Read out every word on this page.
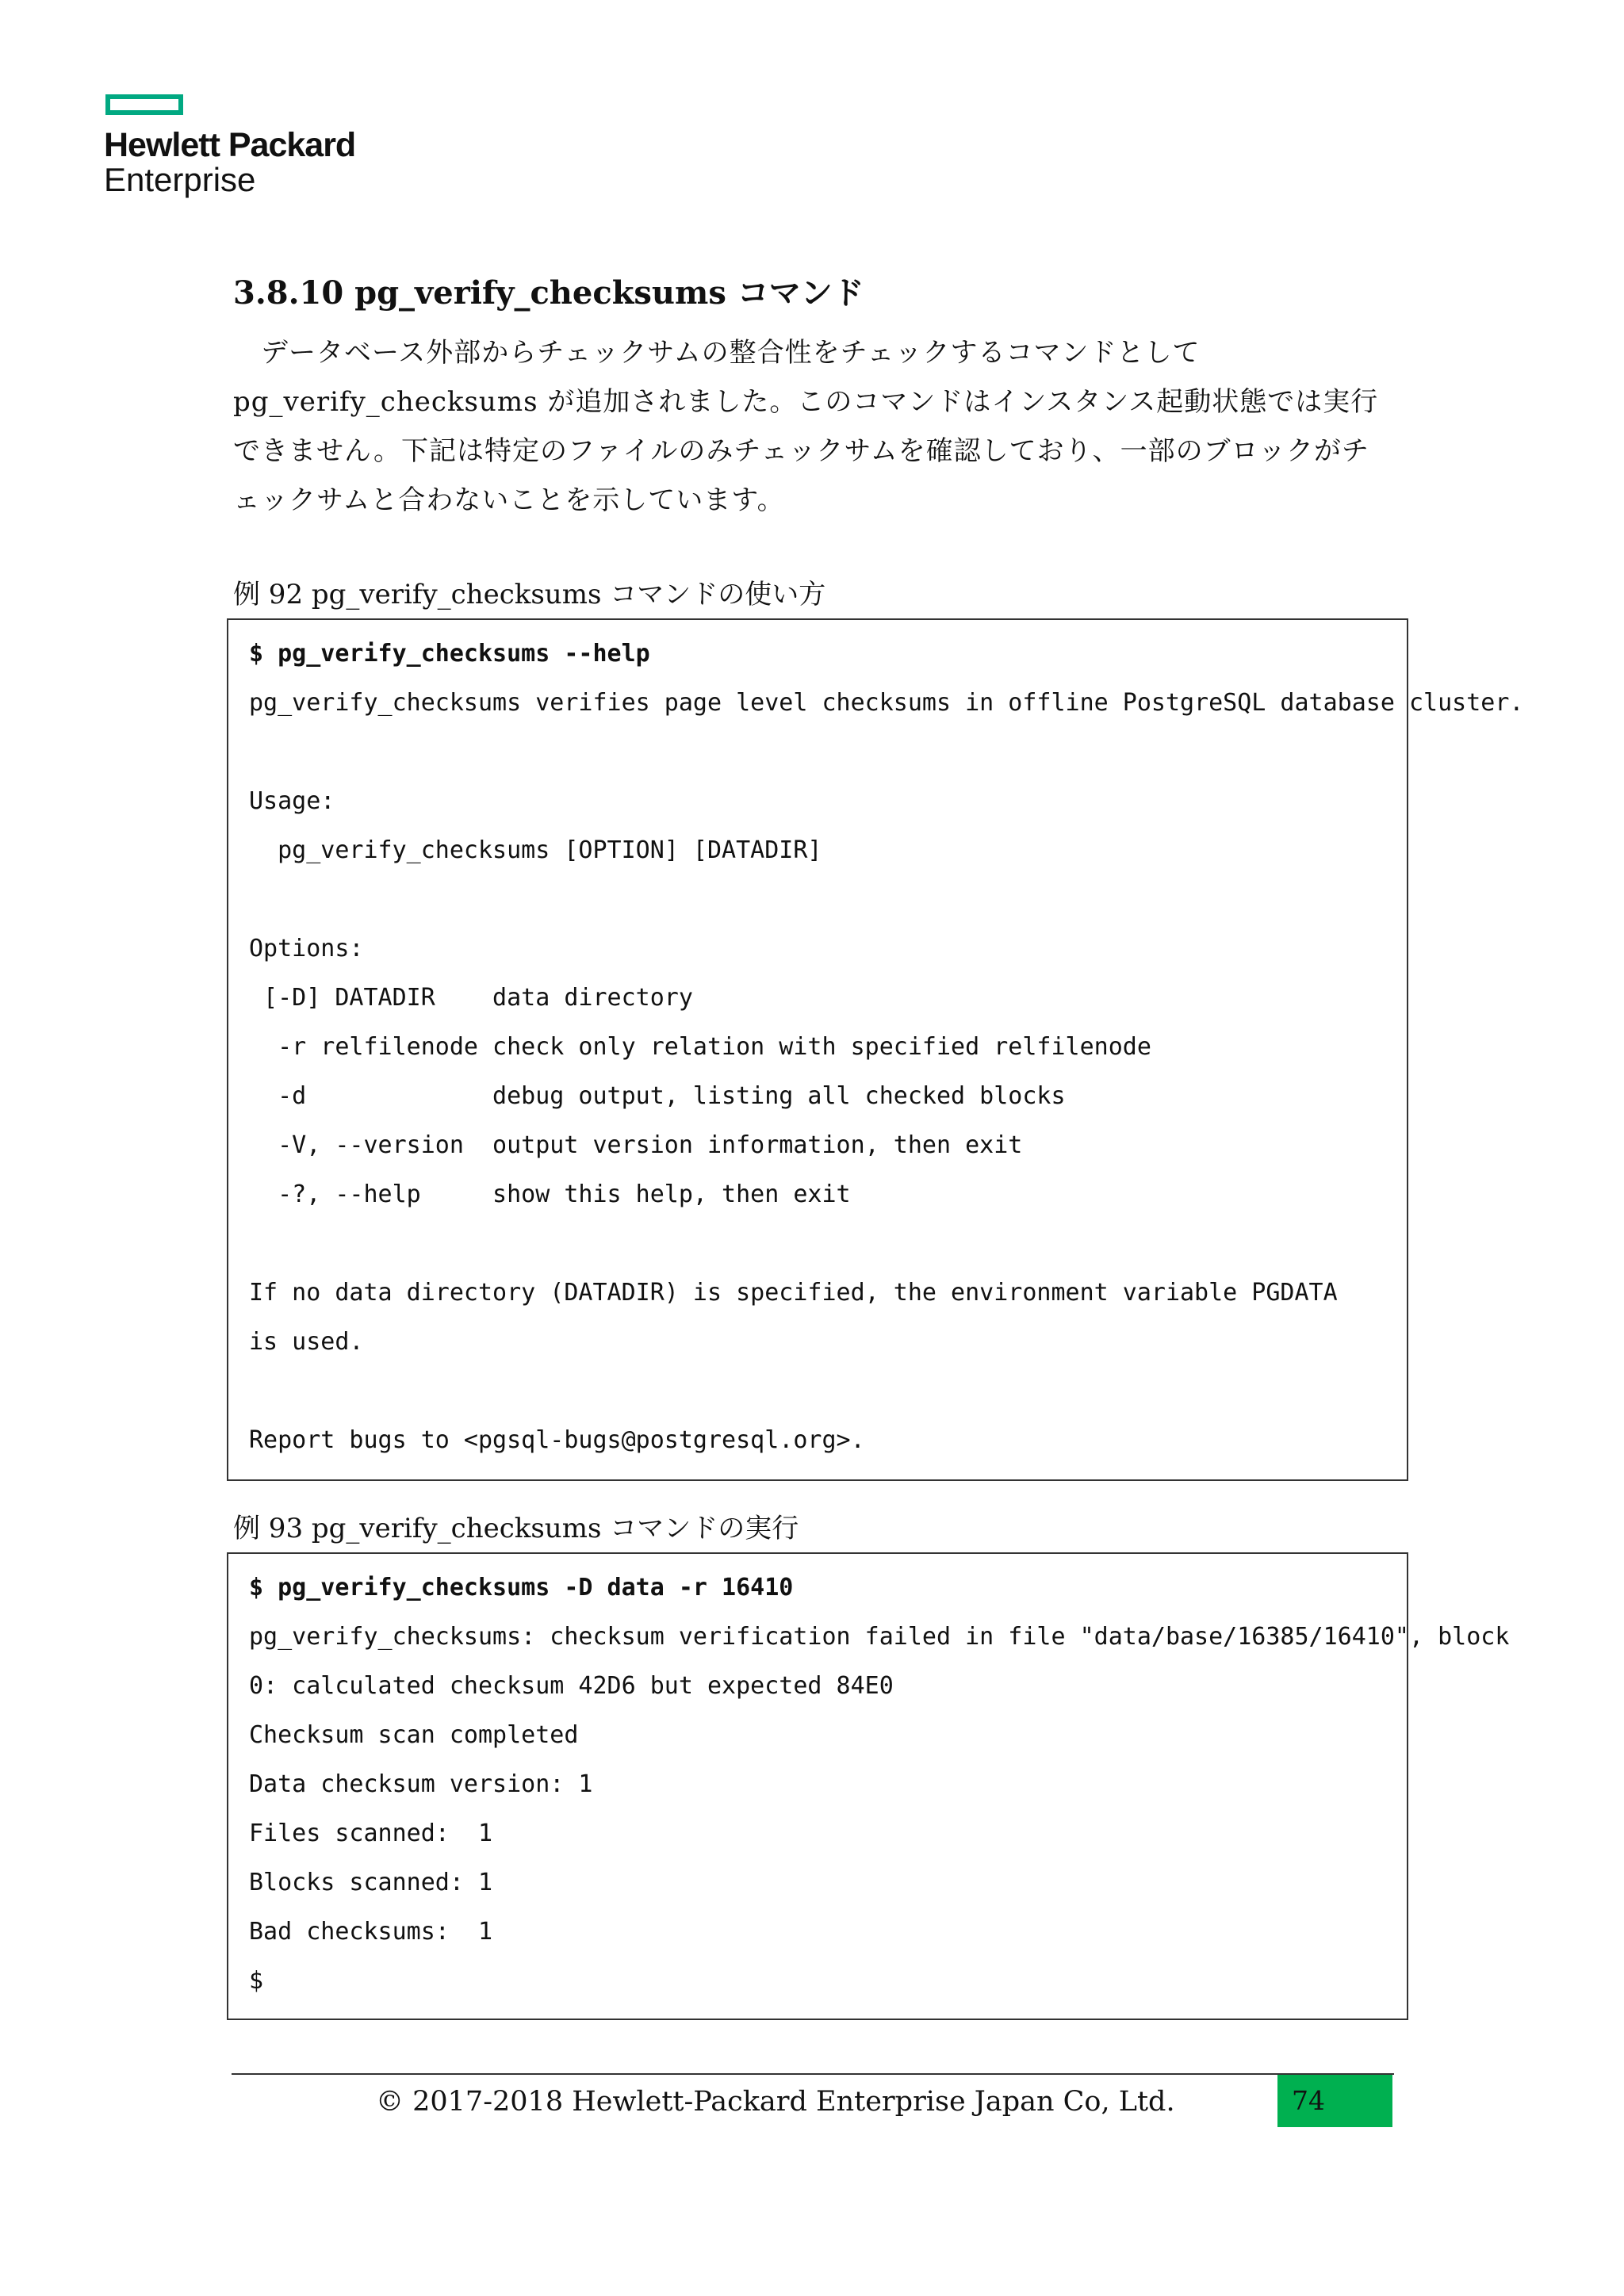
Hewlett Packard
Enterprise
3.8.10 pg_verify_checksums コマンド

　データベース外部からチェックサムの整合性をチェックするコマンドとして

pg_verify_checksums が追加されました。このコマンドはインスタンス起動状態では実行

できません。下記は特定のファイルのみチェックサムを確認しており、一部のブロックがチ

ェックサムと合わないことを示しています。

例 92 pg_verify_checksums コマンドの使い方
$ pg_verify_checksums --help
pg_verify_checksums verifies page level checksums in offline PostgreSQL database cluster.
Usage:
pg_verify_checksums [OPTION] [DATADIR]
Options:
[-D] DATADIR    data directory
-r relfilenode check only relation with specified relfilenode
-d             debug output, listing all checked blocks
-V, --version  output version information, then exit
-?, --help     show this help, then exit
If no data directory (DATADIR) is specified, the environment variable PGDATA
is used.
Report bugs to <pgsql-bugs@postgresql.org>.
例 93 pg_verify_checksums コマンドの実行
$ pg_verify_checksums -D data -r 16410
pg_verify_checksums: checksum verification failed in file "data/base/16385/16410", block
0: calculated checksum 42D6 but expected 84E0
Checksum scan completed
Data checksum version: 1
Files scanned:  1
Blocks scanned: 1
Bad checksums:  1
$
© 2017-2018 Hewlett-Packard Enterprise Japan Co, Ltd.	74
